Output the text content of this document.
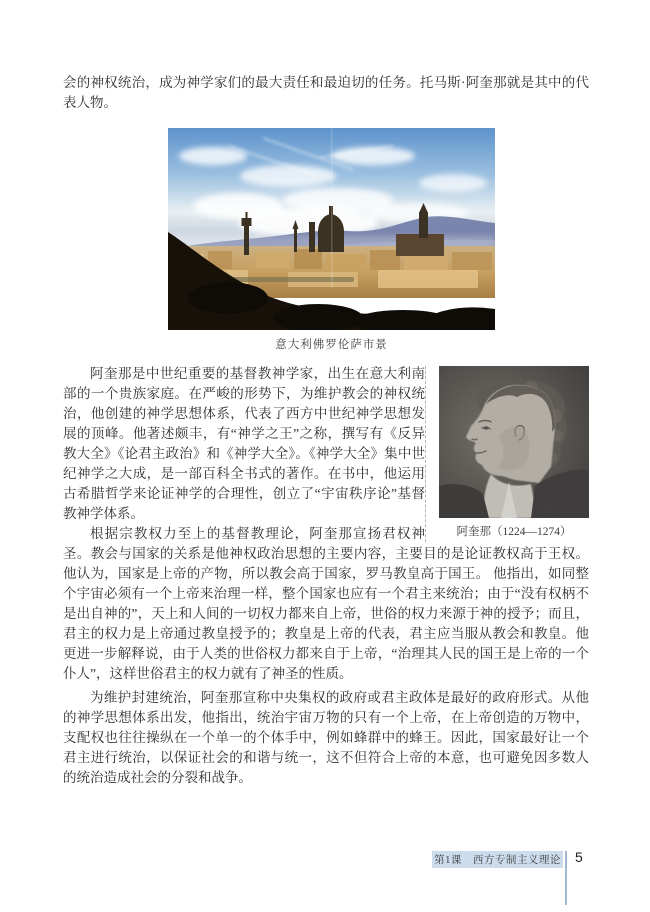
会的神权统治，成为神学家们的最大责任和最迫切的任务。托马斯·阿奎那就是其中的代表人物。
意大利佛罗伦萨市景
阿奎那（1224—1274）

阿奎那是中世纪重要的基督教神学家，出生在意大利南部的一个贵族家庭。在严峻的形势下，为维护教会的神权统治，他创建的神学思想体系，代表了西方中世纪神学思想发展的顶峰。他著述颇丰，有“神学之王”之称，撰写有《反异教大全》《论君主政治》和《神学大全》。《神学大全》集中世纪神学之大成，是一部百科全书式的著作。在书中，他运用古希腊哲学来论证神学的合理性，创立了“宇宙秩序论”基督教神学体系。

根据宗教权力至上的基督教理论，阿奎那宣扬君权神圣。教会与国家的关系是他神权政治思想的主要内容，主要目的是论证教权高于王权。他认为，国家是上帝的产物，所以教会高于国家，罗马教皇高于国王。 他指出，如同整个宇宙必须有一个上帝来治理一样，整个国家也应有一个君主来统治；由于“没有权柄不是出自神的”，天上和人间的一切权力都来自上帝，世俗的权力来源于神的授予；而且，君主的权力是上帝通过教皇授予的；教皇是上帝的代表，君主应当服从教会和教皇。他更进一步解释说，由于人类的世俗权力都来自于上帝，“治理其人民的国王是上帝的一个仆人”，这样世俗君主的权力就有了神圣的性质。

为维护封建统治，阿奎那宣称中央集权的政府或君主政体是最好的政府形式。从他的神学思想体系出发，他指出，统治宇宙万物的只有一个上帝，在上帝创造的万物中，支配权也往往操纵在一个单一的个体手中，例如蜂群中的蜂王。因此，国家最好让一个君主进行统治，以保证社会的和谐与统一，这不但符合上帝的本意，也可避免因多数人的统治造成社会的分裂和战争。

第1课　西方专制主义理论 5
